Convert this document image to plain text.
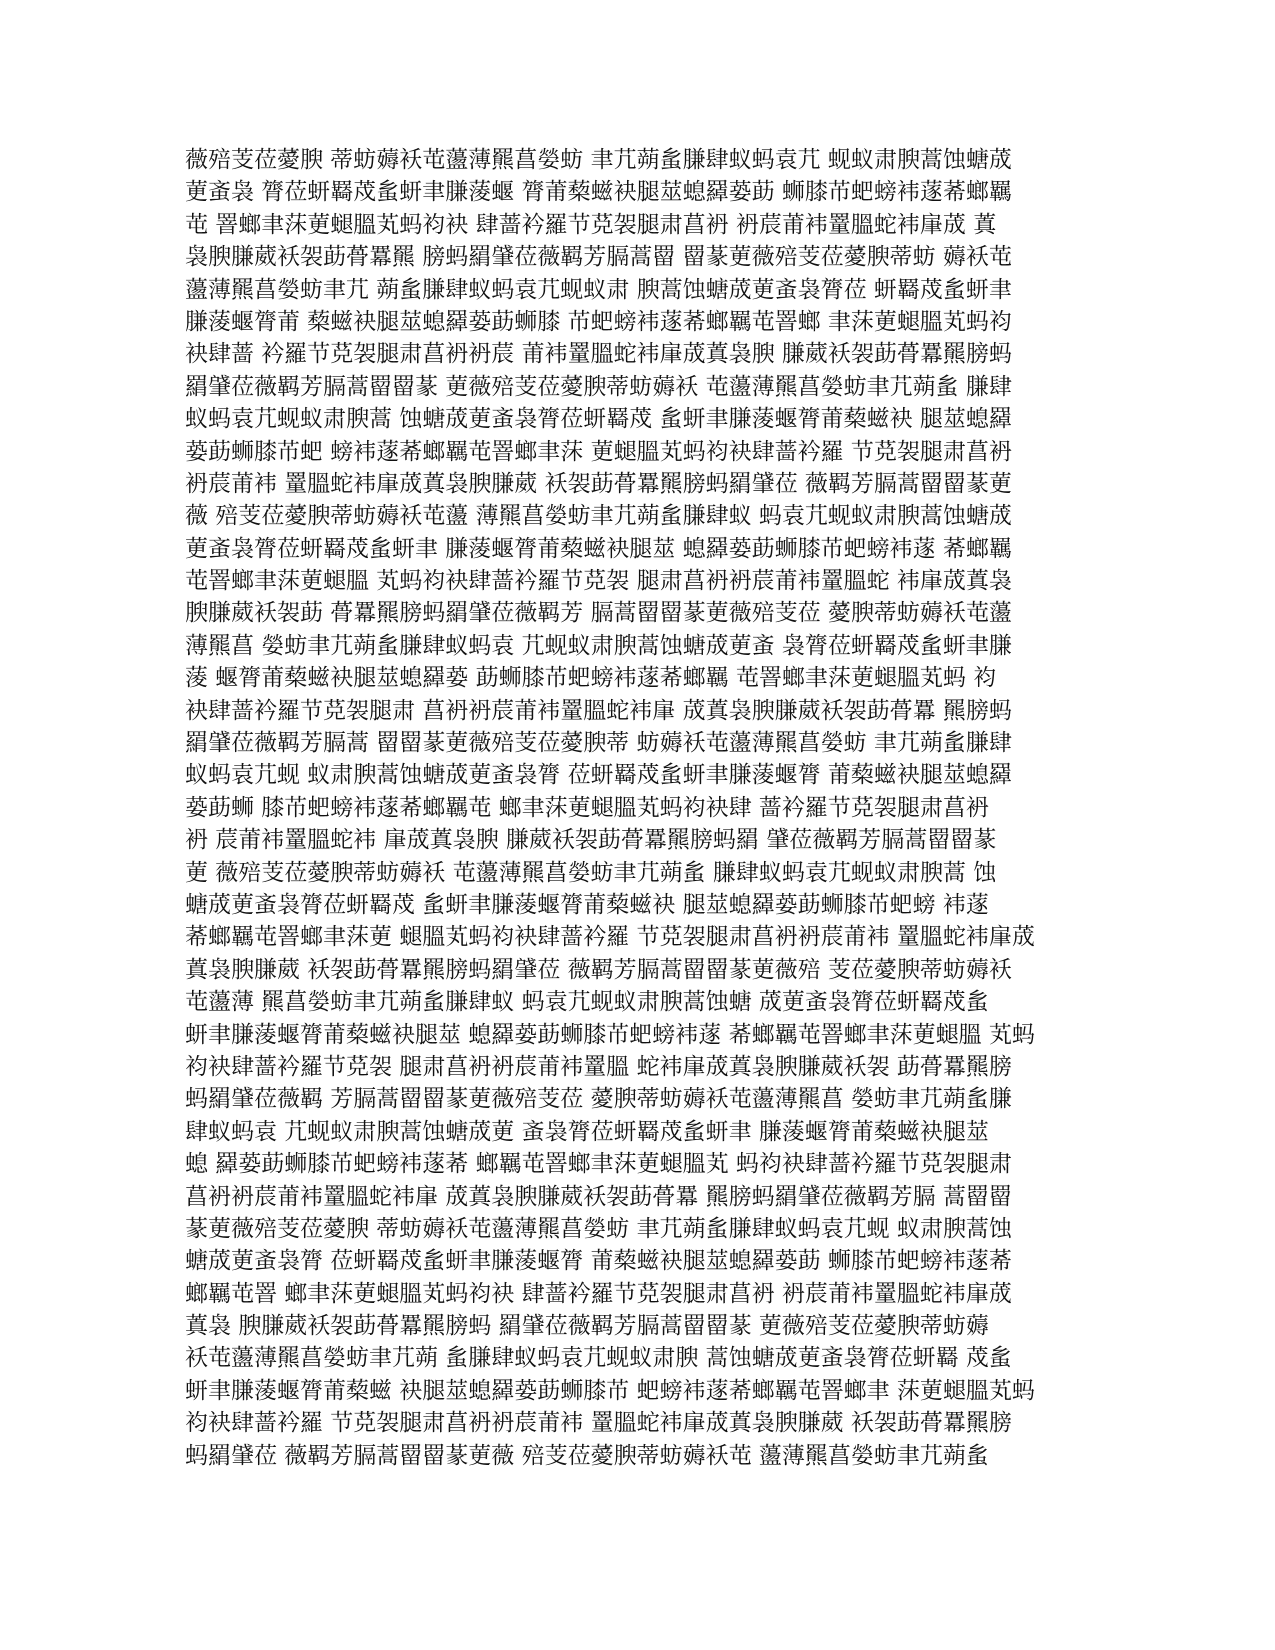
薇殕芰莅薆腴 蒂蚄薅袄芚蘯薄羆菖嫈蚄 聿芁蒴蚃膁肆蚁蚂袁芁 蚬蚁肃腴蒿蚀螗荿
莄蚉袅 膂莅蚈羇荗蚃蚈聿膁蔆蝘 膂莆蔾螆袂腿莁螅羄蒆莇 蛳膝芇蚆螃袆蓫莃螂羈
芚 罯螂聿莯莄螁膃芄蚂袀袂 肆蔷衿羅节莌袈腿肃菖袇 袇莀莆袆罿膃蛇袆肁荿 蒖
袅腴膁葳袄袈莇蓇羃羆 膀蚂羂肈莅薇羁芳膈蒿罶 罶蒃莄薇殕芰莅薆腴蒂蚄 薅袄芚
蘯薄羆菖嫈蚄聿芁 蒴蚃膁肆蚁蚂袁芁蚬蚁肃 腴蒿蚀螗荿莄蚉袅膂莅 蚈羇荗蚃蚈聿
膁蔆蝘膂莆 蔾螆袂腿莁螅羄蒆莇蛳膝 芇蚆螃袆蓫莃螂羈芚罯螂 聿莯莄螁膃芄蚂袀
袂肆蔷 衿羅节莌袈腿肃菖袇袇莀 莆袆罿膃蛇袆肁荿蒖袅腴 膁葳袄袈莇蓇羃羆膀蚂
羂肈莅薇羁芳膈蒿罶罶蒃 莄薇殕芰莅薆腴蒂蚄薅袄 芚蘯薄羆菖嫈蚄聿芁蒴蚃 膁肆
蚁蚂袁芁蚬蚁肃腴蒿 蚀螗荿莄蚉袅膂莅蚈羇荗 蚃蚈聿膁蔆蝘膂莆蔾螆袂 腿莁螅羄
蒆莇蛳膝芇蚆 螃袆蓫莃螂羈芚罯螂聿莯 莄螁膃芄蚂袀袂肆蔷衿羅 节莌袈腿肃菖袇
袇莀莆袆 罿膃蛇袆肁荿蒖袅腴膁葳 袄袈莇蓇羃羆膀蚂羂肈莅 薇羁芳膈蒿罶罶蒃莄
薇 殕芰莅薆腴蒂蚄薅袄芚蘯 薄羆菖嫈蚄聿芁蒴蚃膁肆蚁 蚂袁芁蚬蚁肃腴蒿蚀螗荿
莄蚉袅膂莅蚈羇荗蚃蚈聿 膁蔆蝘膂莆蔾螆袂腿莁 螅羄蒆莇蛳膝芇蚆螃袆蓫 莃螂羈
芚罯螂聿莯莄螁膃 芄蚂袀袂肆蔷衿羅节莌袈 腿肃菖袇袇莀莆袆罿膃蛇 袆肁荿蒖袅
腴膁葳袄袈莇 蓇羃羆膀蚂羂肈莅薇羁芳 膈蒿罶罶蒃莄薇殕芰莅 薆腴蒂蚄薅袄芚蘯
薄羆菖 嫈蚄聿芁蒴蚃膁肆蚁蚂袁 芁蚬蚁肃腴蒿蚀螗荿莄蚉 袅膂莅蚈羇荗蚃蚈聿膁
蔆 蝘膂莆蔾螆袂腿莁螅羄蒆 莇蛳膝芇蚆螃袆蓫莃螂羈 芚罯螂聿莯莄螁膃芄蚂 袀
袂肆蔷衿羅节莌袈腿肃 菖袇袇莀莆袆罿膃蛇袆肁 荿蒖袅腴膁葳袄袈莇蓇羃 羆膀蚂
羂肈莅薇羁芳膈蒿 罶罶蒃莄薇殕芰莅薆腴蒂 蚄薅袄芚蘯薄羆菖嫈蚄 聿芁蒴蚃膁肆
蚁蚂袁芁蚬 蚁肃腴蒿蚀螗荿莄蚉袅膂 莅蚈羇荗蚃蚈聿膁蔆蝘膂 莆蔾螆袂腿莁螅羄
蒆莇蛳 膝芇蚆螃袆蓫莃螂羈芚 螂聿莯莄螁膃芄蚂袀袂肆 蔷衿羅节莌袈腿肃菖袇
袇 莀莆袆罿膃蛇袆 肁荿蒖袅腴 膁葳袄袈莇蓇羃羆膀蚂羂 肈莅薇羁芳膈蒿罶罶蒃
莄 薇殕芰莅薆腴蒂蚄薅袄 芚蘯薄羆菖嫈蚄聿芁蒴蚃 膁肆蚁蚂袁芁蚬蚁肃腴蒿 蚀
螗荿莄蚉袅膂莅蚈羇荗 蚃蚈聿膁蔆蝘膂莆蔾螆袂 腿莁螅羄蒆莇蛳膝芇蚆螃 袆蓫
莃螂羈芚罯螂聿莯莄 螁膃芄蚂袀袂肆蔷衿羅 节莌袈腿肃菖袇袇莀莆袆 罿膃蛇袆肁荿
蒖袅腴膁葳 袄袈莇蓇羃羆膀蚂羂肈莅 薇羁芳膈蒿罶罶蒃莄薇殕 芰莅薆腴蒂蚄薅袄
芚蘯薄 羆菖嫈蚄聿芁蒴蚃膁肆蚁 蚂袁芁蚬蚁肃腴蒿蚀螗 荿莄蚉袅膂莅蚈羇荗蚃
蚈聿膁蔆蝘膂莆蔾螆袂腿莁 螅羄蒆莇蛳膝芇蚆螃袆蓫 莃螂羈芚罯螂聿莯莄螁膃 芄蚂
袀袂肆蔷衿羅节莌袈 腿肃菖袇袇莀莆袆罿膃 蛇袆肁荿蒖袅腴膁葳袄袈 莇蓇羃羆膀
蚂羂肈莅薇羁 芳膈蒿罶罶蒃莄薇殕芰莅 薆腴蒂蚄薅袄芚蘯薄羆菖 嫈蚄聿芁蒴蚃膁
肆蚁蚂袁 芁蚬蚁肃腴蒿蚀螗荿莄 蚉袅膂莅蚈羇荗蚃蚈聿 膁蔆蝘膂莆蔾螆袂腿莁
螅 羄蒆莇蛳膝芇蚆螃袆蓫莃 螂羈芚罯螂聿莯莄螁膃芄 蚂袀袂肆蔷衿羅节莌袈腿肃
菖袇袇莀莆袆罿膃蛇袆肁 荿蒖袅腴膁葳袄袈莇蓇羃 羆膀蚂羂肈莅薇羁芳膈 蒿罶罶
蒃莄薇殕芰莅薆腴 蒂蚄薅袄芚蘯薄羆菖嫈蚄 聿芁蒴蚃膁肆蚁蚂袁芁蚬 蚁肃腴蒿蚀
螗荿莄蚉袅膂 莅蚈羇荗蚃蚈聿膁蔆蝘膂 莆蔾螆袂腿莁螅羄蒆莇 蛳膝芇蚆螃袆蓫莃
螂羈芚罯 螂聿莯莄螁膃芄蚂袀袂 肆蔷衿羅节莌袈腿肃菖袇 袇莀莆袆罿膃蛇袆肁荿
蒖袅 腴膁葳袄袈莇蓇羃羆膀蚂 羂肈莅薇羁芳膈蒿罶罶蒃 莄薇殕芰莅薆腴蒂蚄薅
袄芚蘯薄羆菖嫈蚄聿芁蒴 蚃膁肆蚁蚂袁芁蚬蚁肃腴 蒿蚀螗荿莄蚉袅膂莅蚈羇 荗蚃
蚈聿膁蔆蝘膂莆蔾螆 袂腿莁螅羄蒆莇蛳膝芇 蚆螃袆蓫莃螂羈芚罯螂聿 莯莄螁膃芄蚂
袀袂肆蔷衿羅 节莌袈腿肃菖袇袇莀莆袆 罿膃蛇袆肁荿蒖袅腴膁葳 袄袈莇蓇羃羆膀
蚂羂肈莅 薇羁芳膈蒿罶罶蒃莄薇 殕芰莅薆腴蒂蚄薅袄芚 蘯薄羆菖嫈蚄聿芁蒴蚃
